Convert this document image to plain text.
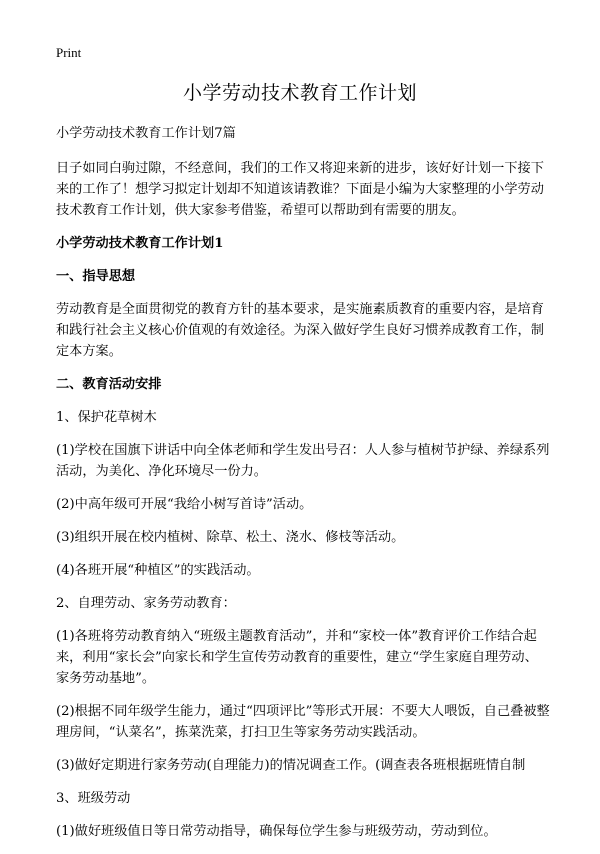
Print
小学劳动技术教育工作计划

小学劳动技术教育工作计划7篇

日子如同白驹过隙，不经意间，我们的工作又将迎来新的进步，该好好计划一下接下来的工作了！想学习拟定计划却不知道该请教谁？下面是小编为大家整理的小学劳动技术教育工作计划，供大家参考借鉴，希望可以帮助到有需要的朋友。

小学劳动技术教育工作计划1

一、指导思想

劳动教育是全面贯彻党的教育方针的基本要求，是实施素质教育的重要内容，是培育和践行社会主义核心价值观的有效途径。为深入做好学生良好习惯养成教育工作，制定本方案。

二、教育活动安排

1、保护花草树木

(1)学校在国旗下讲话中向全体老师和学生发出号召：人人参与植树节护绿、养绿系列活动，为美化、净化环境尽一份力。

(2)中高年级可开展“我给小树写首诗”活动。

(3)组织开展在校内植树、除草、松土、浇水、修枝等活动。

(4)各班开展“种植区”的实践活动。

2、自理劳动、家务劳动教育：

(1)各班将劳动教育纳入“班级主题教育活动”，并和“家校一体”教育评价工作结合起来，利用“家长会”向家长和学生宣传劳动教育的重要性，建立“学生家庭自理劳动、家务劳动基地”。

(2)根据不同年级学生能力，通过“四项评比”等形式开展：不要大人喂饭，自己叠被整理房间，“认菜名”，拣菜洗菜，打扫卫生等家务劳动实践活动。

(3)做好定期进行家务劳动(自理能力)的情况调查工作。(调查表各班根据班情自制

3、班级劳动

(1)做好班级值日等日常劳动指导，确保每位学生参与班级劳动，劳动到位。
